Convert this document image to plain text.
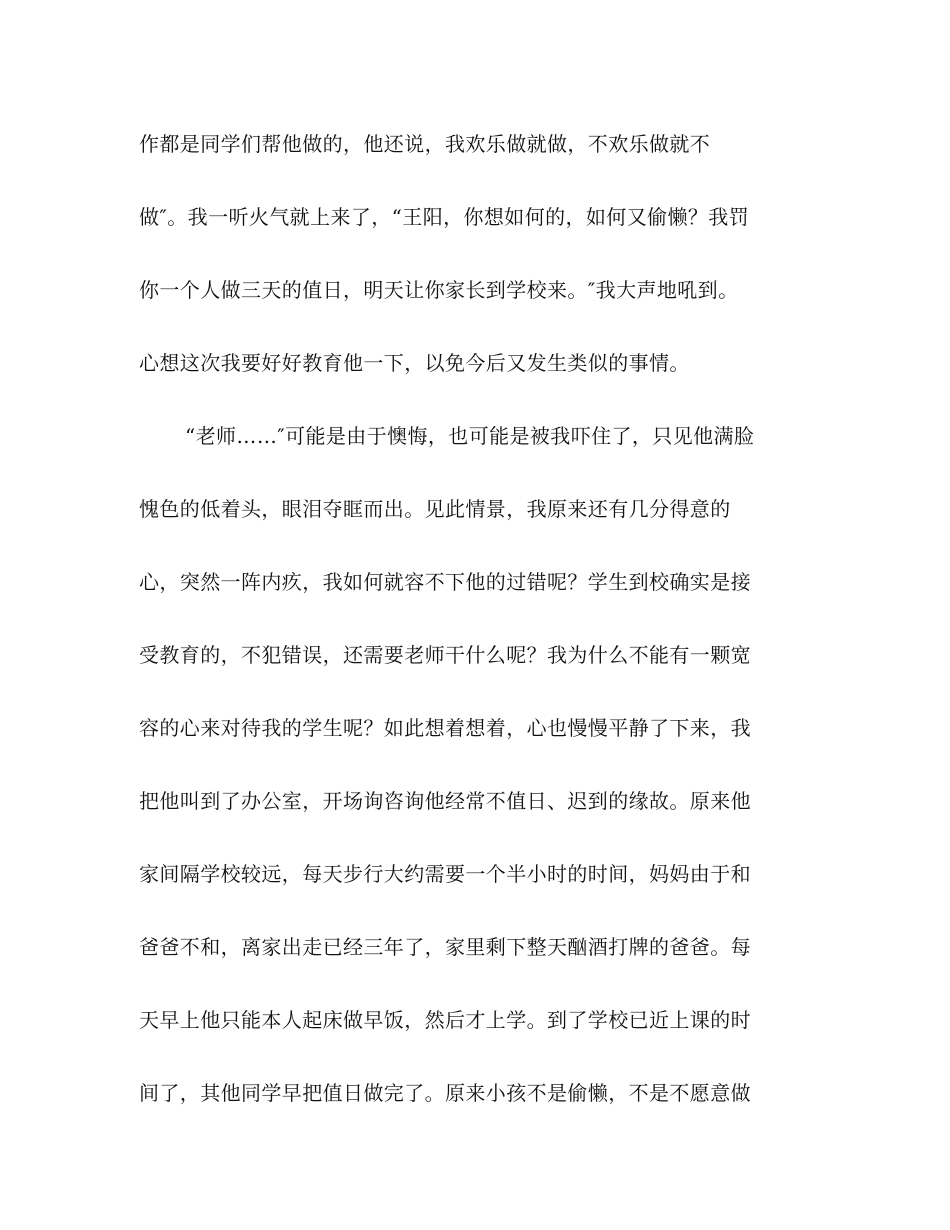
作都是同学们帮他做的，他还说，我欢乐做就做，不欢乐做就不
做″。我一听火气就上来了，“王阳，你想如何的，如何又偷懒？我罚
你一个人做三天的值日，明天让你家长到学校来。″我大声地吼到。
心想这次我要好好教育他一下，以免今后又发生类似的事情。
“老师……″可能是由于懊悔，也可能是被我吓住了，只见他满脸
愧色的低着头，眼泪夺眶而出。见此情景，我原来还有几分得意的
心，突然一阵内疚，我如何就容不下他的过错呢？学生到校确实是接
受教育的，不犯错误，还需要老师干什么呢？我为什么不能有一颗宽
容的心来对待我的学生呢？如此想着想着，心也慢慢平静了下来，我
把他叫到了办公室，开场询咨询他经常不值日、迟到的缘故。原来他
家间隔学校较远，每天步行大约需要一个半小时的时间，妈妈由于和
爸爸不和，离家出走已经三年了，家里剩下整天酗酒打牌的爸爸。每
天早上他只能本人起床做早饭，然后才上学。到了学校已近上课的时
间了，其他同学早把值日做完了。原来小孩不是偷懒，不是不愿意做
